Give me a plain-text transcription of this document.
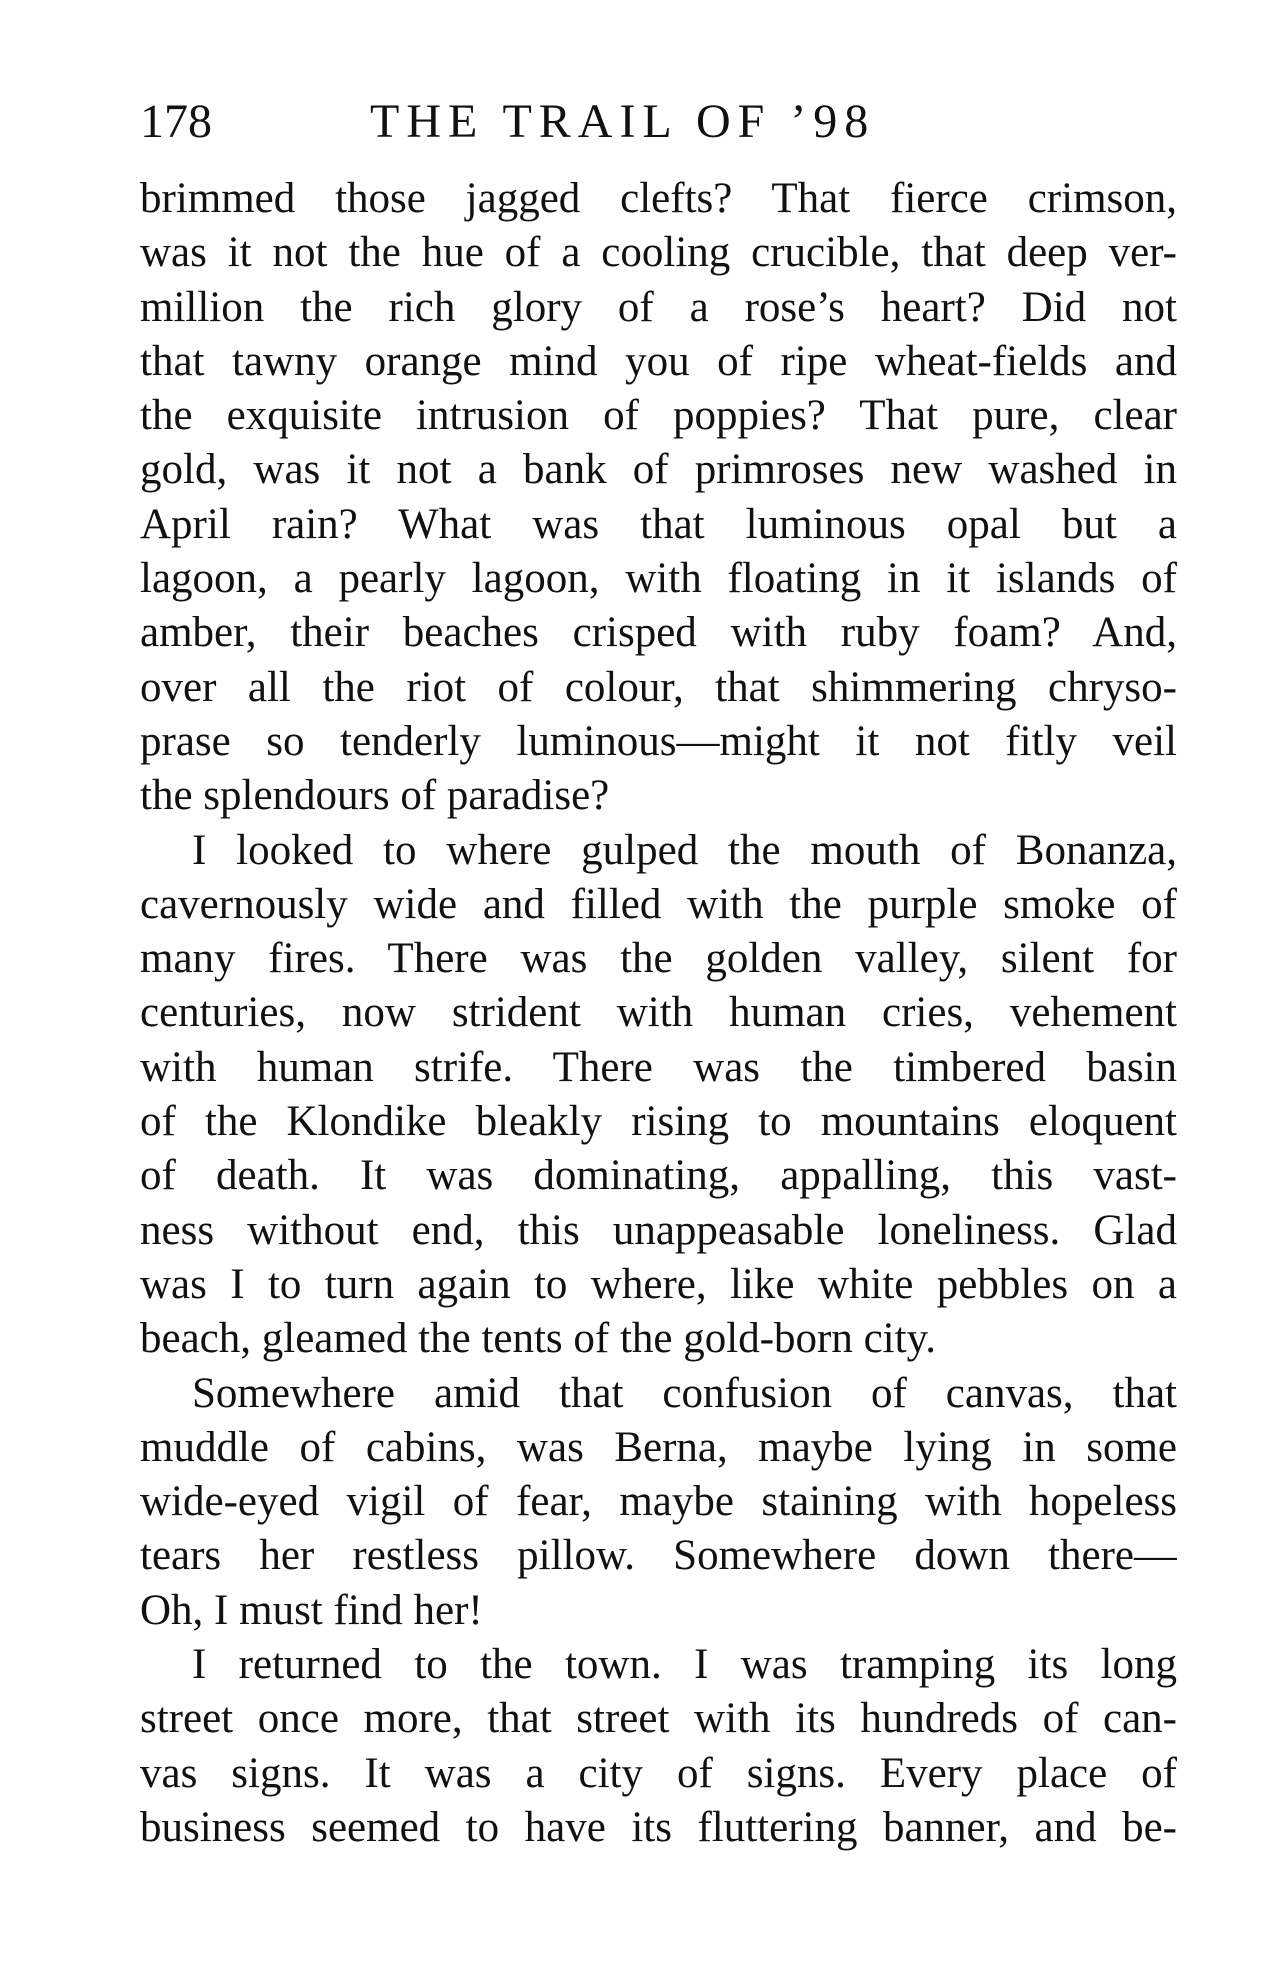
178	THE TRAIL OF ’98
brimmed those jagged clefts? That fierce crimson,
was it not the hue of a cooling crucible, that deep ver-
million the rich glory of a rose’s heart? Did not
that tawny orange mind you of ripe wheat-fields and
the exquisite intrusion of poppies? That pure, clear
gold, was it not a bank of primroses new washed in
April rain? What was that luminous opal but a
lagoon, a pearly lagoon, with floating in it islands of
amber, their beaches crisped with ruby foam? And,
over all the riot of colour, that shimmering chryso-
prase so tenderly luminous—might it not fitly veil
the splendours of paradise?
I looked to where gulped the mouth of Bonanza,
cavernously wide and filled with the purple smoke of
many fires. There was the golden valley, silent for
centuries, now strident with human cries, vehement
with human strife. There was the timbered basin
of the Klondike bleakly rising to mountains eloquent
of death. It was dominating, appalling, this vast-
ness without end, this unappeasable loneliness. Glad
was I to turn again to where, like white pebbles on a
beach, gleamed the tents of the gold-born city.
Somewhere amid that confusion of canvas, that
muddle of cabins, was Berna, maybe lying in some
wide-eyed vigil of fear, maybe staining with hopeless
tears her restless pillow. Somewhere down there—
Oh, I must find her!
I returned to the town. I was tramping its long
street once more, that street with its hundreds of can-
vas signs. It was a city of signs. Every place of
business seemed to have its fluttering banner, and be-
